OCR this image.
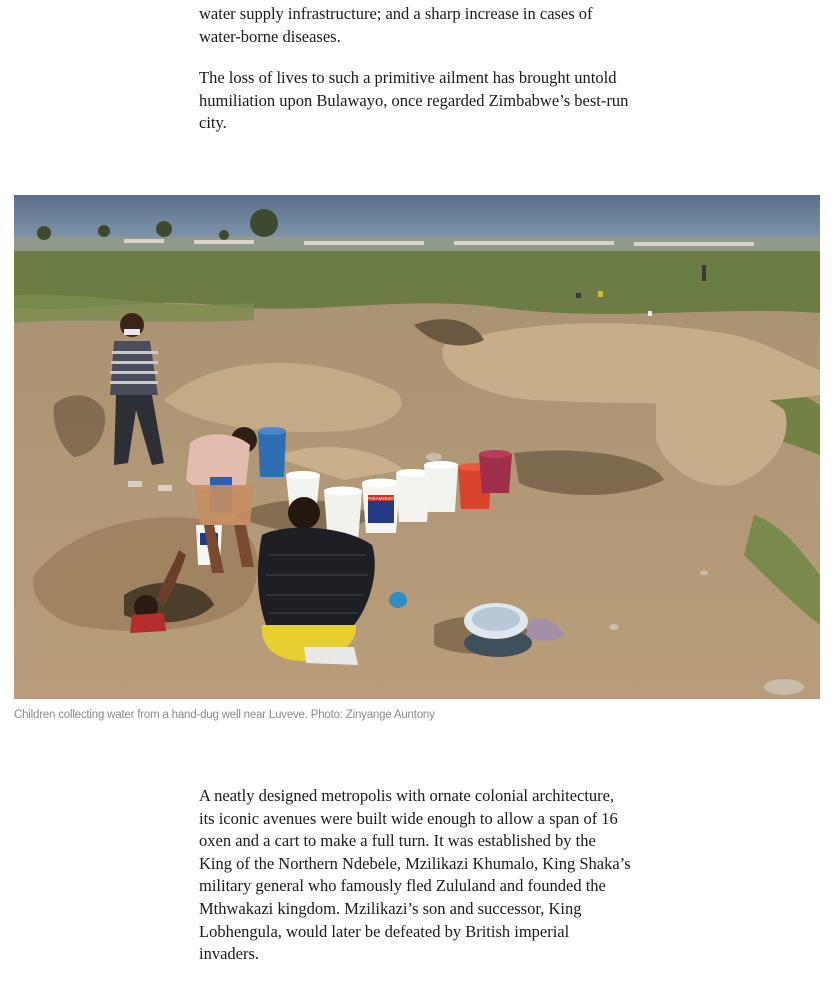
water supply infrastructure; and a sharp increase in cases of water-borne diseases.

The loss of lives to such a primitive ailment has brought untold humiliation upon Bulawayo, once regarded Zimbabwe’s best-run city.

PARAMOUNT
Children collecting water from a hand-dug well near Luveve. Photo: Zinyange Auntony

A neatly designed metropolis with ornate colonial architecture, its iconic avenues were built wide enough to allow a span of 16 oxen and a cart to make a full turn. It was established by the King of the Northern Ndebele, Mzilikazi Khumalo, King Shaka’s military general who famously fled Zululand and founded the Mthwakazi kingdom. Mzilikazi’s son and successor, King Lobhengula, would later be defeated by British imperial invaders.
